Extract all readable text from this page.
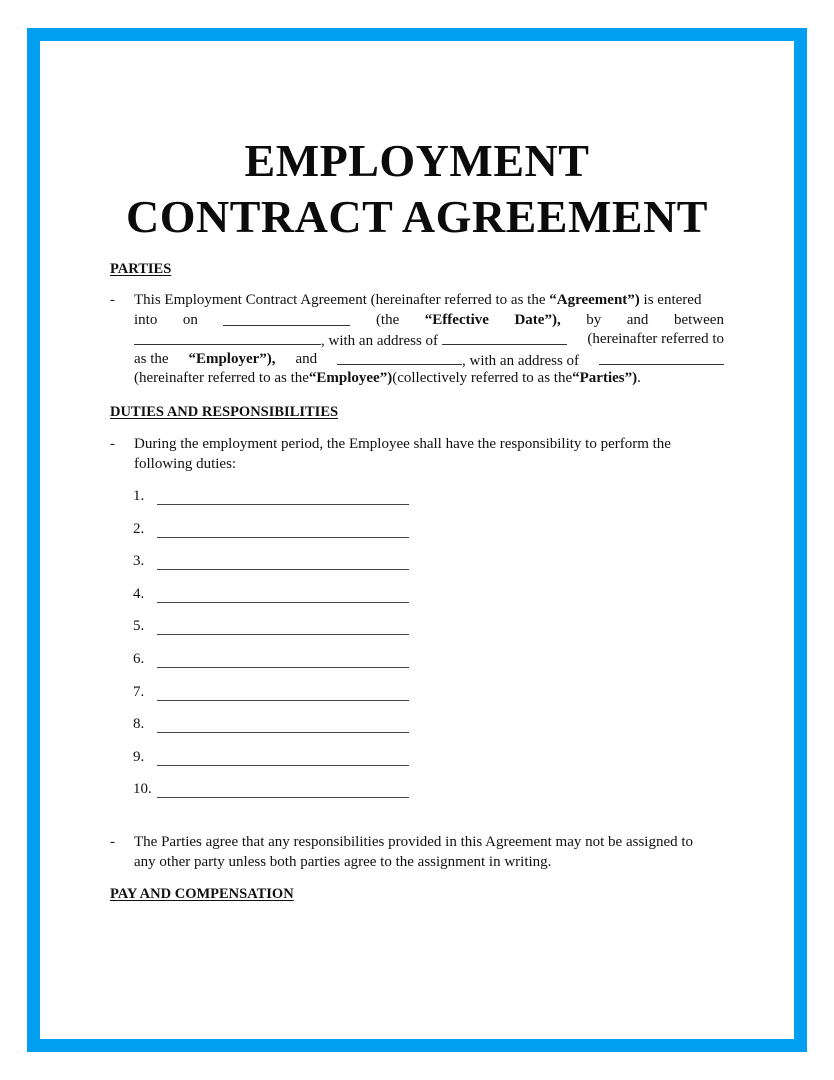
EMPLOYMENT
CONTRACT AGREEMENT
PARTIES
- This Employment Contract Agreement (hereinafter referred to as the “Agreement”) is entered
into on	(the “Effective Date”), by and between
, with an address of	(hereinafter referred to
as the “Employer”), and	, with an address of
(hereinafter referred to as the “Employee”) (collectively referred to as the “Parties”) .
DUTIES AND RESPONSIBILITIES
- During the employment period, the Employee shall have the responsibility to perform the
following duties:
1.
2.
3.
4.
5.
6.
7.
8.
9.
10.
- The Parties agree that any responsibilities provided in this Agreement may not be assigned to
any other party unless both parties agree to the assignment in writing.
PAY AND COMPENSATION
